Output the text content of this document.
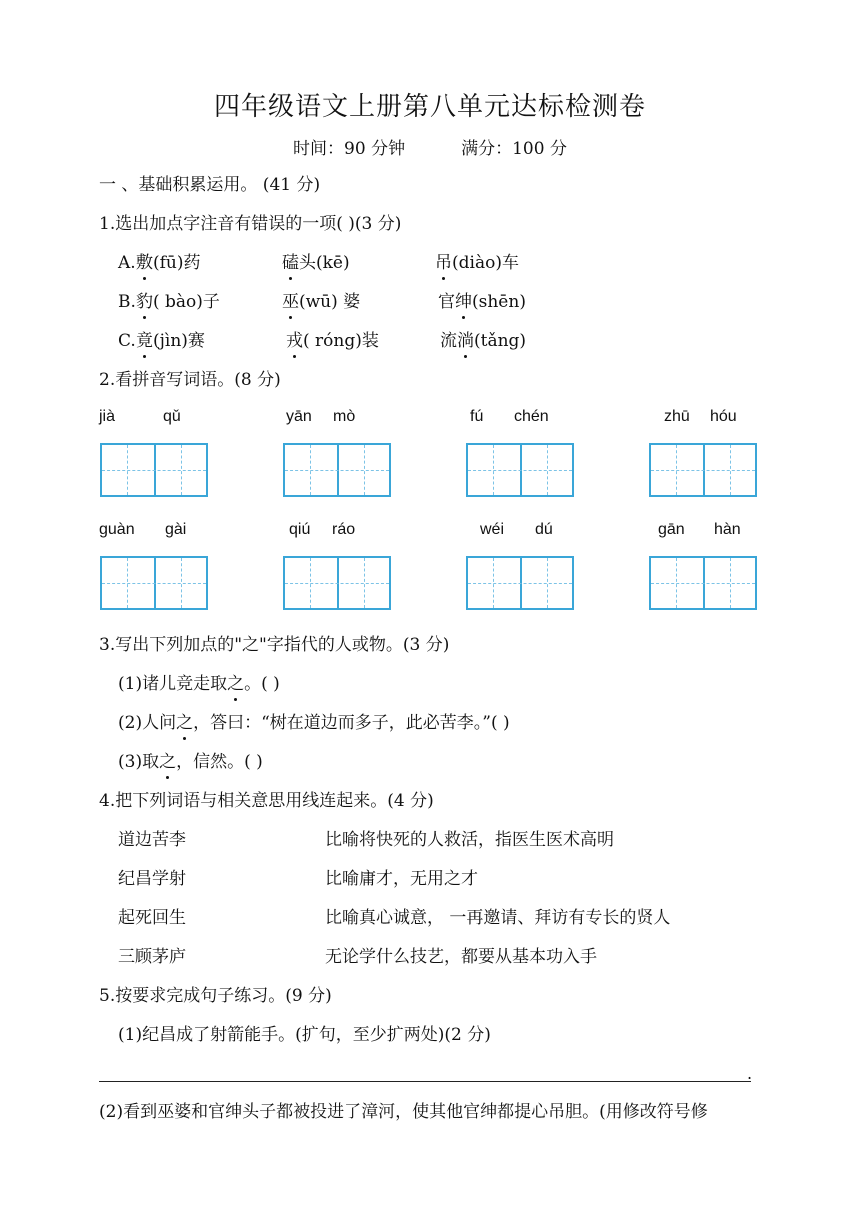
四年级语文上册第八单元达标检测卷
时间：90 分钟	满分：100 分
一 、基础积累运用。 (41 分)
1.选出加点字注音有错误的一项( )(3 分)
A. 敷(fū)药	磕头(kē)	吊(diào)车
B. 豹( bào)子	巫(wū) 婆	官绅(shēn)
C. 竟(jìn)赛	戎( róng)装	流淌(tǎng)
2.看拼音写词语。(8 分)
jià	qǔ	yān mò	fú chén	zhū hóu
guàn gài	qiú ráo	wéi dú	gān hàn
3.写出下列加点的"之"字指代的人或物。(3 分)
(1)诸儿竞走取之。( )
(2)人问之，答曰：“树在道边而多子，此必苦李。”( )
(3)取之，信然。( )
4.把下列词语与相关意思用线连起来。(4 分)
道边苦李	比喻将快死的人救活，指医生医术高明
纪昌学射	比喻庸才，无用之才
起死回生	比喻真心诚意， 一再邀请、拜访有专长的贤人
三顾茅庐	无论学什么技艺，都要从基本功入手
5.按要求完成句子练习。(9 分)
(1)纪昌成了射箭能手。(扩句，至少扩两处)(2 分)
.
(2)看到巫婆和官绅头子都被投进了漳河，使其他官绅都提心吊胆。(用修改符号修
